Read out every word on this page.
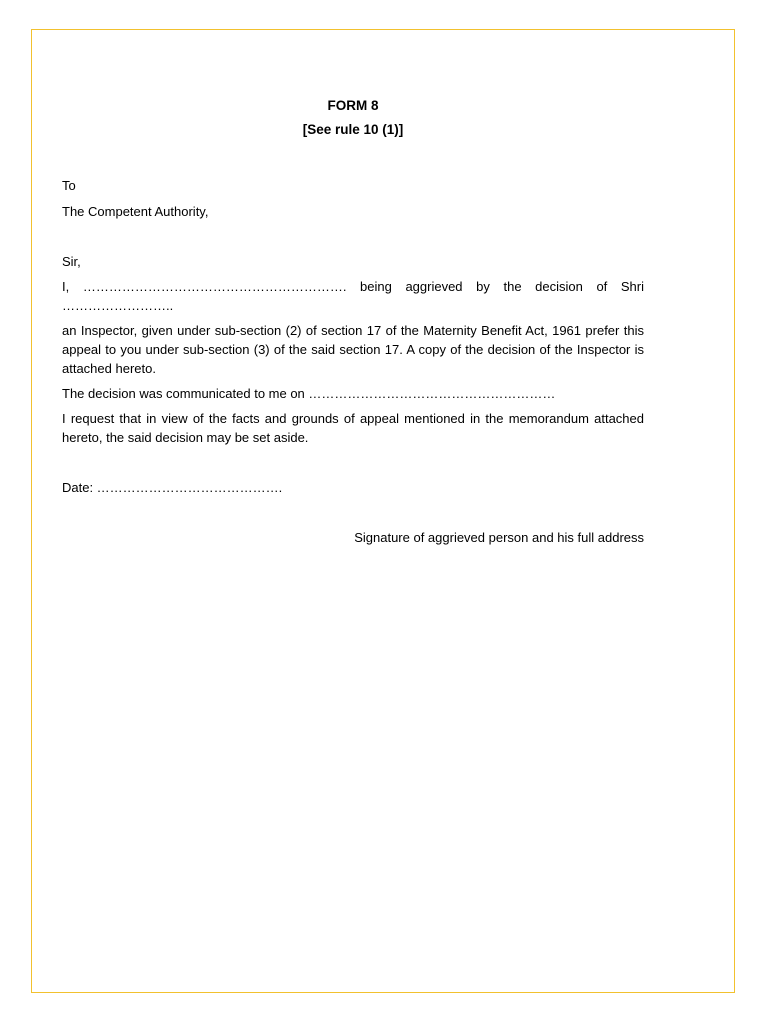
FORM 8
[See rule 10 (1)]

To

The Competent Authority,

Sir,

I, ……………………………………………………. being aggrieved by the decision of Shri ……………………..

an Inspector, given under sub-section (2) of section 17 of the Maternity Benefit Act, 1961 prefer this appeal to you under sub-section (3) of the said section 17. A copy of the decision of the Inspector is attached hereto.

The decision was communicated to me on …………………………………………………

I request that in view of the facts and grounds of appeal mentioned in the memorandum attached hereto, the said decision may be set aside.

Date: …………………………………….

Signature of aggrieved person and his full address
